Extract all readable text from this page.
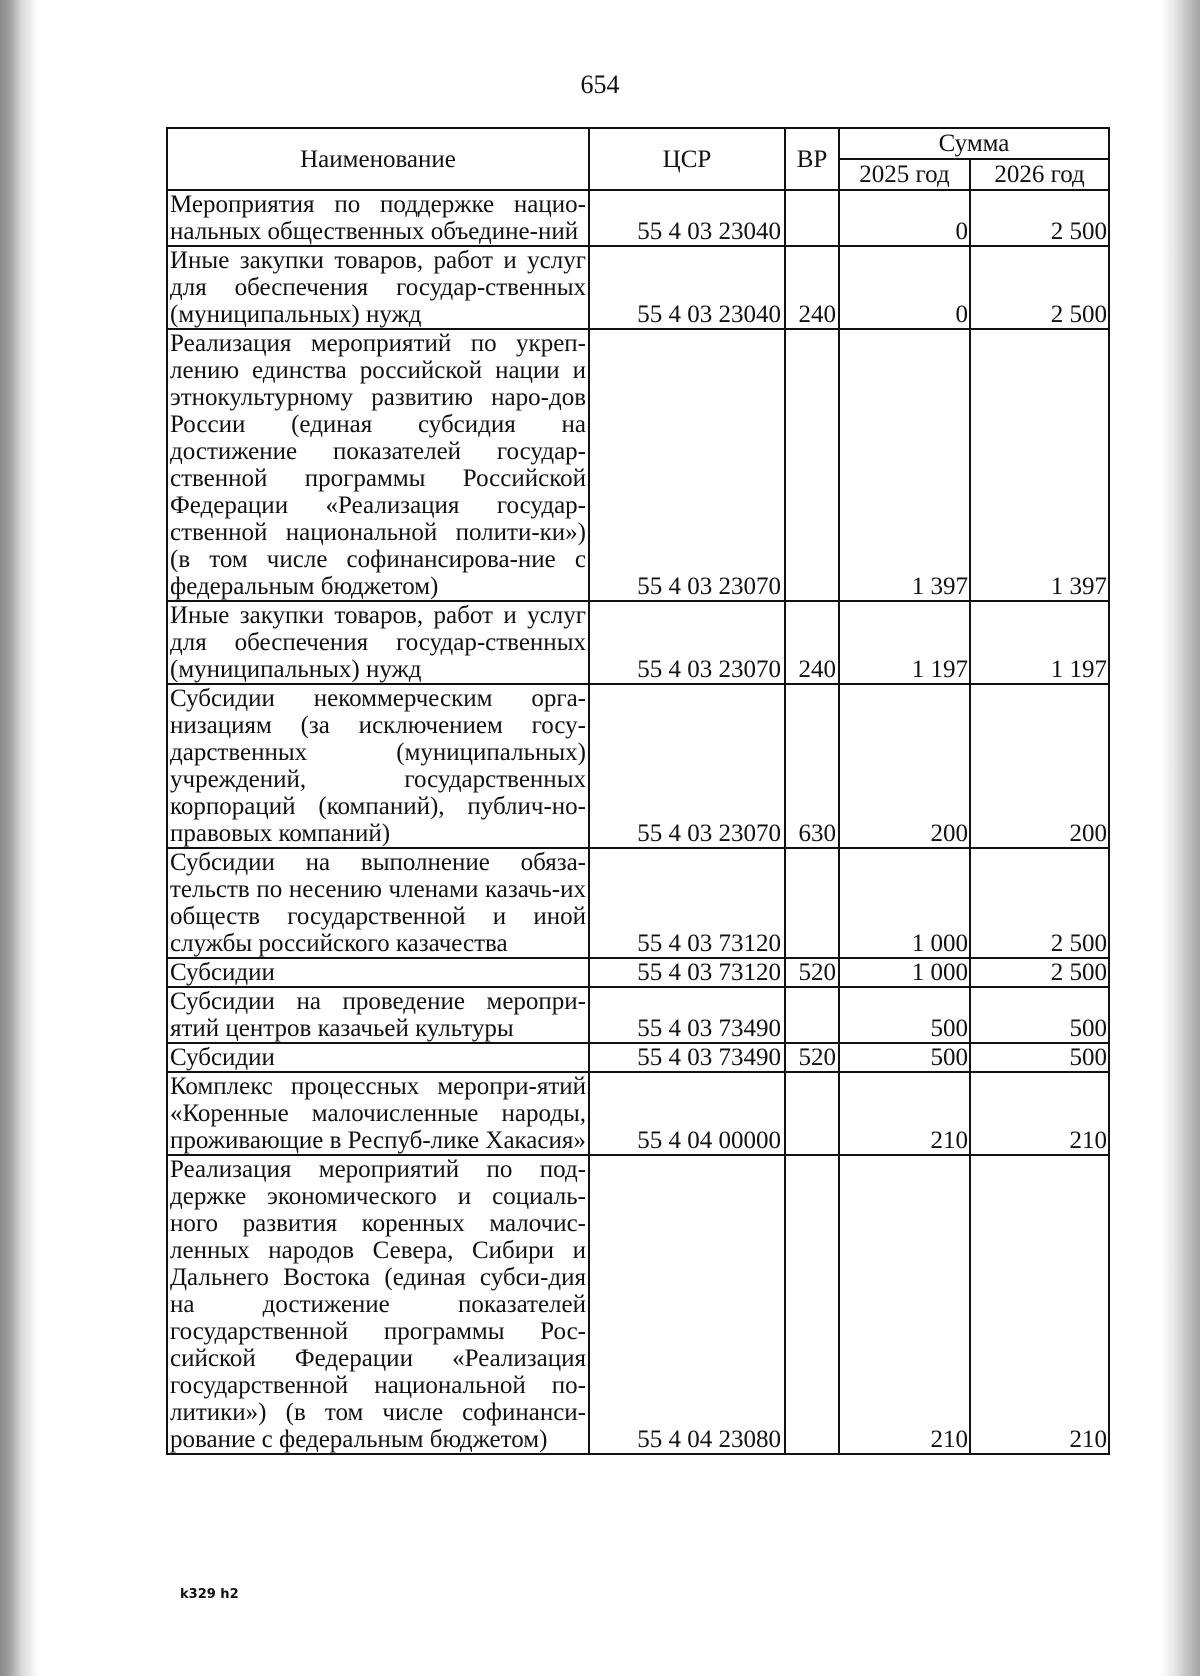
654
Наименование	ЦСР	ВР	Сумма	
			2025 год	2026 год
Мероприятия по поддержке нацио-нальных общественных объедине-ний	55 4 03 23040		0	2 500
Иные закупки товаров, работ и услуг для обеспечения государ-ственных (муниципальных) нужд	55 4 03 23040	240	0	2 500
Реализация мероприятий по укреп-лению единства российской нации и этнокультурному развитию наро-дов России (единая субсидия на достижение показателей государ-ственной программы Российской Федерации «Реализация государ-ственной национальной полити-ки») (в том числе софинансирова-ние с федеральным бюджетом)	55 4 03 23070		1 397	1 397
Иные закупки товаров, работ и услуг для обеспечения государ-ственных (муниципальных) нужд	55 4 03 23070	240	1 197	1 197
Субсидии некоммерческим орга-низациям (за исключением госу-дарственных (муниципальных) учреждений, государственных корпораций (компаний), публич-но-правовых компаний)	55 4 03 23070	630	200	200
Субсидии на выполнение обяза-тельств по несению членами казачь-их обществ государственной и иной службы российского казачества	55 4 03 73120		1 000	2 500
Субсидии	55 4 03 73120	520	1 000	2 500
Субсидии на проведение меропри-ятий центров казачьей культуры	55 4 03 73490		500	500
Субсидии	55 4 03 73490	520	500	500
Комплекс процессных меропри-ятий «Коренные малочисленные народы, проживающие в Респуб-лике Хакасия»	55 4 04 00000		210	210
Реализация мероприятий по под-держке экономического и социаль-ного развития коренных малочис-ленных народов Севера, Сибири и Дальнего Востока (единая субси-дия на достижение показателей государственной программы Рос-сийской Федерации «Реализация государственной национальной по-литики») (в том числе софинанси-рование с федеральным бюджетом)	55 4 04 23080		210	210
k329 h2
